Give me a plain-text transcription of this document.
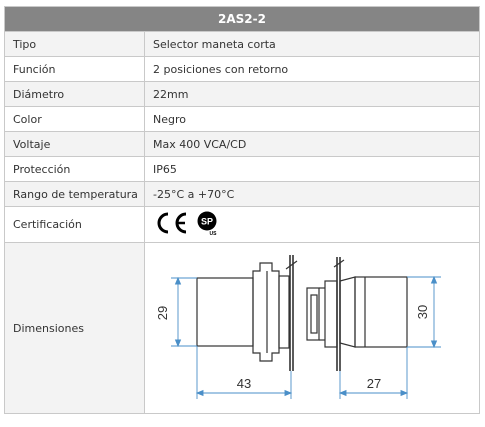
2AS2-2
Tipo	Selector maneta corta
Función	2 posiciones con retorno
Diámetro	22mm
Color	Negro
Voltaje	Max 400 VCA/CD
Protección	IP65
Rango de temperatura	-25°C a +70°C
Certificación	SP
US
Dimensiones
29
43
30
27
